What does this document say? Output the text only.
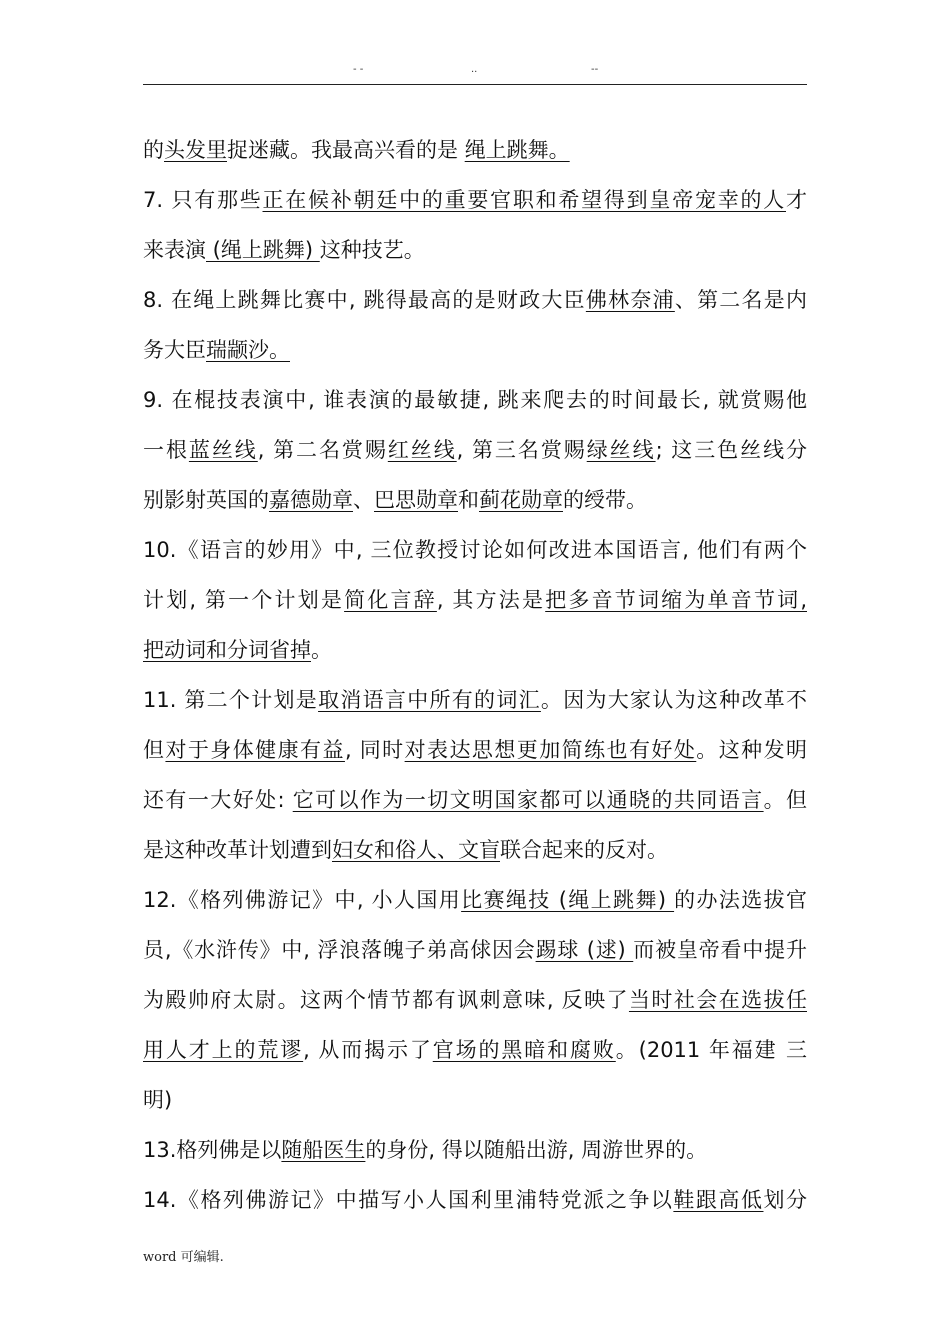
- -	..	--
的头发里捉迷藏。我最高兴看的是 绳上跳舞。
7. 只有那些正在候补朝廷中的重要官职和希望得到皇帝宠幸的人才
来表演 (绳上跳舞) 这种技艺。
8. 在绳上跳舞比赛中, 跳得最高的是财政大臣佛林奈浦、第二名是内
务大臣瑞颛沙。
9. 在棍技表演中, 谁表演的最敏捷, 跳来爬去的时间最长, 就赏赐他
一根蓝丝线, 第二名赏赐红丝线, 第三名赏赐绿丝线; 这三色丝线分
别影射英国的嘉德勋章、巴思勋章和蓟花勋章的绶带。
10.《语言的妙用》中, 三位教授讨论如何改进本国语言, 他们有两个
计划, 第一个计划是简化言辞, 其方法是把多音节词缩为单音节词,
把动词和分词省掉。
11. 第二个计划是取消语言中所有的词汇。因为大家认为这种改革不
但对于身体健康有益, 同时对表达思想更加简练也有好处。这种发明
还有一大好处: 它可以作为一切文明国家都可以通晓的共同语言。但
是这种改革计划遭到妇女和俗人、文盲联合起来的反对。
12.《格列佛游记》中, 小人国用比赛绳技 (绳上跳舞) 的办法选拔官
员,《水浒传》中, 浮浪落魄子弟高俅因会踢球 (逑) 而被皇帝看中提升
为殿帅府太尉。这两个情节都有讽刺意味, 反映了当时社会在选拔任
用人才上的荒谬, 从而揭示了官场的黑暗和腐败。(2011 年福建 三
明)
13.格列佛是以随船医生的身份, 得以随船出游, 周游世界的。
14.《格列佛游记》中描写小人国利里浦特党派之争以鞋跟高低划分
word 可编辑.
